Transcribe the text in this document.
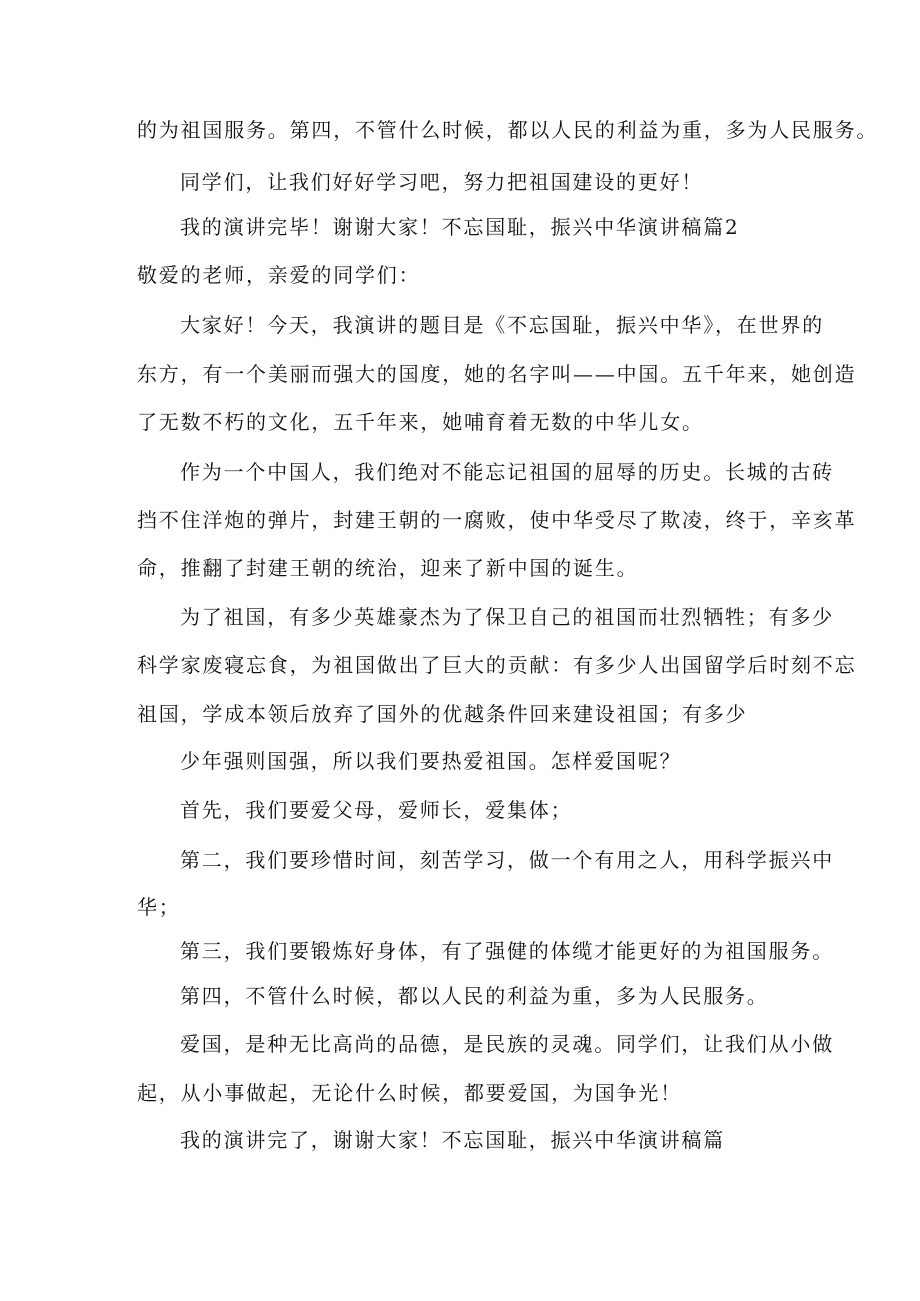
的为祖国服务。第四，不管什么时候，都以人民的利益为重，多为人民服务。
同学们，让我们好好学习吧，努力把祖国建设的更好！
我的演讲完毕！谢谢大家！不忘国耻，振兴中华演讲稿篇2
敬爱的老师，亲爱的同学们：
大家好！今天，我演讲的题目是《不忘国耻，振兴中华》，在世界的
东方，有一个美丽而强大的国度，她的名字叫——中国。五千年来，她创造
了无数不朽的文化，五千年来，她哺育着无数的中华儿女。
作为一个中国人，我们绝对不能忘记祖国的屈辱的历史。长城的古砖
挡不住洋炮的弹片，封建王朝的一腐败，使中华受尽了欺凌，终于，辛亥革
命，推翻了封建王朝的统治，迎来了新中国的诞生。
为了祖国，有多少英雄豪杰为了保卫自己的祖国而壮烈牺牲；有多少
科学家废寝忘食，为祖国做出了巨大的贡献：有多少人出国留学后时刻不忘
祖国，学成本领后放弃了国外的优越条件回来建设祖国；有多少
少年强则国强，所以我们要热爱祖国。怎样爱国呢？
首先，我们要爱父母，爱师长，爱集体；
第二，我们要珍惜时间，刻苦学习，做一个有用之人，用科学振兴中
华；
第三，我们要锻炼好身体，有了强健的体缆才能更好的为祖国服务。
第四，不管什么时候，都以人民的利益为重，多为人民服务。
爱国，是种无比高尚的品德，是民族的灵魂。同学们，让我们从小做
起，从小事做起，无论什么时候，都要爱国，为国争光！
我的演讲完了，谢谢大家！不忘国耻，振兴中华演讲稿篇
